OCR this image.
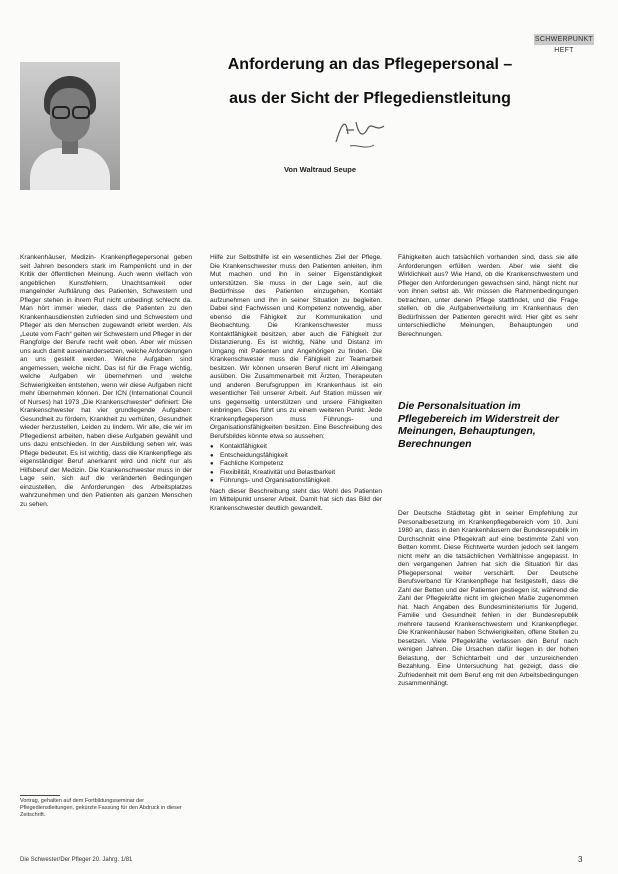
SCHWERPUNKT HEFT
Anforderung an das Pflegepersonal –
aus der Sicht der Pflegedienstleitung
Von Waltraud Seupe
Krankenhäuser, Medizin- Krankenpflegepersonal geben seit Jahren besonders stark im Rampenlicht und in der Kritik der öffentlichen Meinung. Auch wenn vielfach von angeblichen Kunstfehlern, Unachtsamkeit oder mangelnder Aufklärung des Patienten, Schwestern und Pfleger stehen in ihrem Ruf nicht unbedingt schlecht da. Man hört immer wieder, dass die Patienten zu den Krankenhausdiensten zufrieden sind und Schwestern und Pfleger als den Menschen zugewandt erlebt werden. Als „Leute vom Fach“ gelten wir Schwestern und Pfleger in der Rangfolge der Berufe recht weit oben. Aber wir müssen uns auch damit auseinandersetzen, welche Anforderungen an uns gestellt werden. Welche Aufgaben sind angemessen, welche nicht. Das ist für die Frage wichtig, welche Aufgaben wir übernehmen und welche Schwierigkeiten entstehen, wenn wir diese Aufgaben nicht mehr übernehmen können. Der ICN (International Council of Nurses) hat 1973 „Die Krankenschwester“ definiert: Die Krankenschwester hat vier grundlegende Aufgaben: Gesundheit zu fördern, Krankheit zu verhüten, Gesundheit wieder herzustellen, Leiden zu lindern. Wir alle, die wir im Pflegedienst arbeiten, haben diese Aufgaben gewählt und uns dazu entschieden. In der Ausbildung sehen wir, was Pflege bedeutet. Es ist wichtig, dass die Krankenpflege als eigenständiger Beruf anerkannt wird und nicht nur als Hilfsberuf der Medizin. Die Krankenschwester muss in der Lage sein, sich auf die veränderten Bedingungen einzustellen, die Anforderungen des Arbeitsplatzes wahrzunehmen und den Patienten als ganzen Menschen zu sehen.
Hilfe zur Selbsthilfe ist ein wesentliches Ziel der Pflege. Die Krankenschwester muss den Patienten anleiten, ihm Mut machen und ihn in seiner Eigenständigkeit unterstützen. Sie muss in der Lage sein, auf die Bedürfnisse des Patienten einzugehen, Kontakt aufzunehmen und ihn in seiner Situation zu begleiten. Dabei sind Fachwissen und Kompetenz notwendig, aber ebenso die Fähigkeit zur Kommunikation und Beobachtung. Die Krankenschwester muss Kontaktfähigkeit besitzen, aber auch die Fähigkeit zur Distanzierung. Es ist wichtig, Nähe und Distanz im Umgang mit Patienten und Angehörigen zu finden. Die Krankenschwester muss die Fähigkeit zur Teamarbeit besitzen. Wir können unseren Beruf nicht im Alleingang ausüben. Die Zusammenarbeit mit Ärzten, Therapeuten und anderen Berufsgruppen im Krankenhaus ist ein wesentlicher Teil unserer Arbeit. Auf Station müssen wir uns gegenseitig unterstützen und unsere Fähigkeiten einbringen. Dies führt uns zu einem weiteren Punkt: Jede Krankenpflegeperson muss Führungs- und Organisationsfähigkeiten besitzen. Eine Beschreibung des Berufsbildes könnte etwa so aussehen:
● Kontaktfähigkeit
● Entscheidungsfähigkeit
● Fachliche Kompetenz
● Flexibilität, Kreativität und Belastbarkeit
● Führungs- und Organisationsfähigkeit
Nach dieser Beschreibung steht das Wohl des Patienten im Mittelpunkt unserer Arbeit. Damit hat sich das Bild der Krankenschwester deutlich gewandelt.
Fähigkeiten auch tatsächlich vorhanden sind, dass sie alle Anforderungen erfüllen werden. Aber wie sieht die Wirklichkeit aus? Wie Hand, ob die Krankenschwestern und Pfleger den Anforderungen gewachsen sind, hängt nicht nur von ihnen selbst ab. Wir müssen die Rahmenbedingungen betrachten, unter denen Pflege stattfindet, und die Frage stellen, ob die Aufgabenverteilung im Krankenhaus den Bedürfnissen der Patienten gerecht wird. Hier gibt es sehr unterschiedliche Meinungen, Behauptungen und Berechnungen.
Die Personalsituation im Pflegebereich im Widerstreit der Meinungen, Behauptungen, Berechnungen
Der Deutsche Städtetag gibt in seiner Empfehlung zur Personalbesetzung im Krankenpflegebereich vom 10. Juni 1980 an, dass in den Krankenhäusern der Bundesrepublik im Durchschnitt eine Pflegekraft auf eine bestimmte Zahl von Betten kommt. Diese Richtwerte wurden jedoch seit langem nicht mehr an die tatsächlichen Verhältnisse angepasst. In den vergangenen Jahren hat sich die Situation für das Pflegepersonal weiter verschärft. Der Deutsche Berufsverband für Krankenpflege hat festgestellt, dass die Zahl der Betten und der Patienten gestiegen ist, während die Zahl der Pflegekräfte nicht im gleichen Maße zugenommen hat. Nach Angaben des Bundesministeriums für Jugend, Familie und Gesundheit fehlen in der Bundesrepublik mehrere tausend Krankenschwestern und Krankenpfleger. Die Krankenhäuser haben Schwierigkeiten, offene Stellen zu besetzen. Viele Pflegekräfte verlassen den Beruf nach wenigen Jahren. Die Ursachen dafür liegen in der hohen Belastung, der Schichtarbeit und der unzureichenden Bezahlung. Eine Untersuchung hat gezeigt, dass die Zufriedenheit mit dem Beruf eng mit den Arbeitsbedingungen zusammenhängt.
Vortrag, gehalten auf dem Fortbildungsseminar der Pflegedienstleitungen, gekürzte Fassung für den Abdruck in dieser Zeitschrift.
Die Schwester/Der Pfleger 20. Jahrg. 1/81	3
